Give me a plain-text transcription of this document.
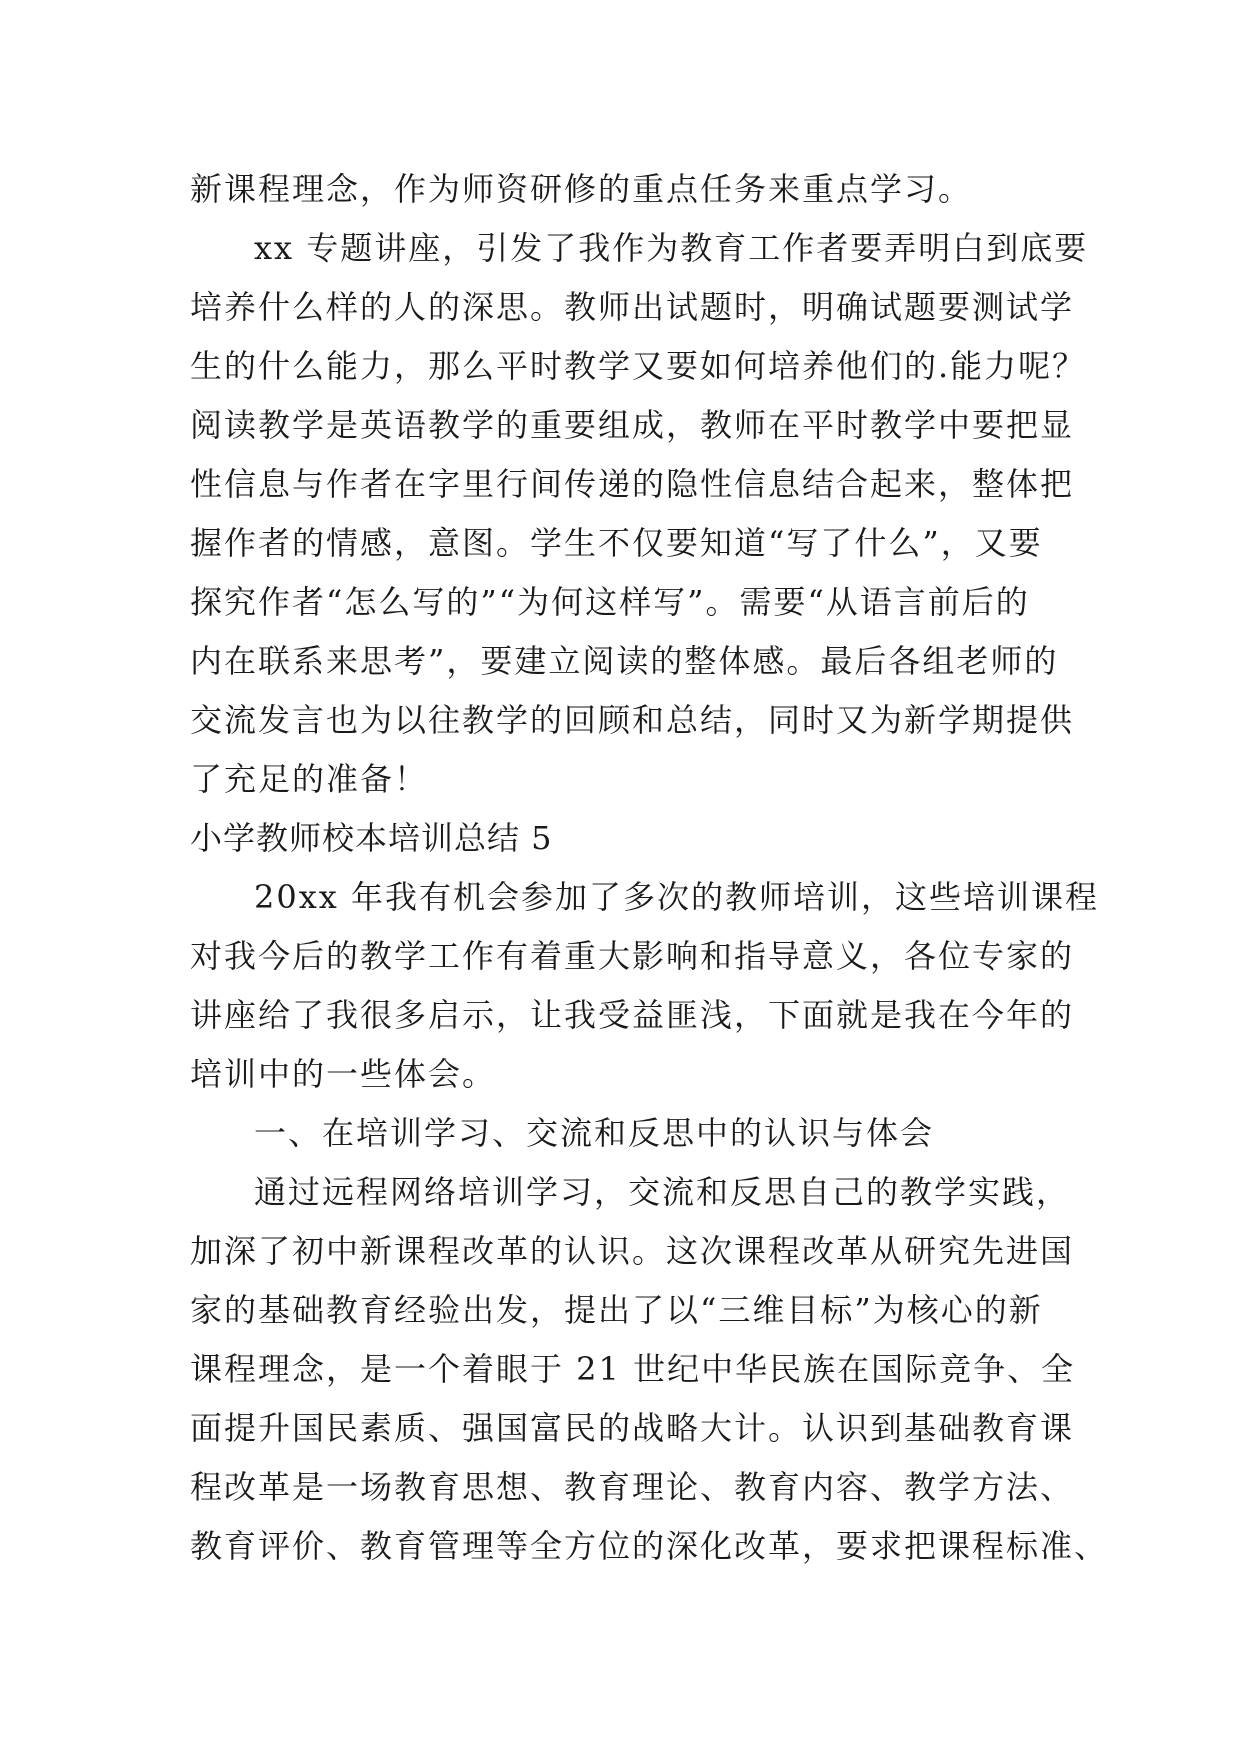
新课程理念，作为师资研修的重点任务来重点学习。
xx 专题讲座，引发了我作为教育工作者要弄明白到底要
培养什么样的人的深思。教师出试题时，明确试题要测试学
生的什么能力，那么平时教学又要如何培养他们的.能力呢？
阅读教学是英语教学的重要组成，教师在平时教学中要把显
性信息与作者在字里行间传递的隐性信息结合起来，整体把
握作者的情感，意图。学生不仅要知道“写了什么”，又要
探究作者“怎么写的”“为何这样写”。需要“从语言前后的
内在联系来思考”，要建立阅读的整体感。最后各组老师的
交流发言也为以往教学的回顾和总结，同时又为新学期提供
了充足的准备！
小学教师校本培训总结 5
20xx 年我有机会参加了多次的教师培训，这些培训课程
对我今后的教学工作有着重大影响和指导意义，各位专家的
讲座给了我很多启示，让我受益匪浅，下面就是我在今年的
培训中的一些体会。
一、在培训学习、交流和反思中的认识与体会
通过远程网络培训学习，交流和反思自己的教学实践，
加深了初中新课程改革的认识。这次课程改革从研究先进国
家的基础教育经验出发，提出了以“三维目标”为核心的新
课程理念，是一个着眼于 21 世纪中华民族在国际竞争、全
面提升国民素质、强国富民的战略大计。认识到基础教育课
程改革是一场教育思想、教育理论、教育内容、教学方法、
教育评价、教育管理等全方位的深化改革，要求把课程标准、
